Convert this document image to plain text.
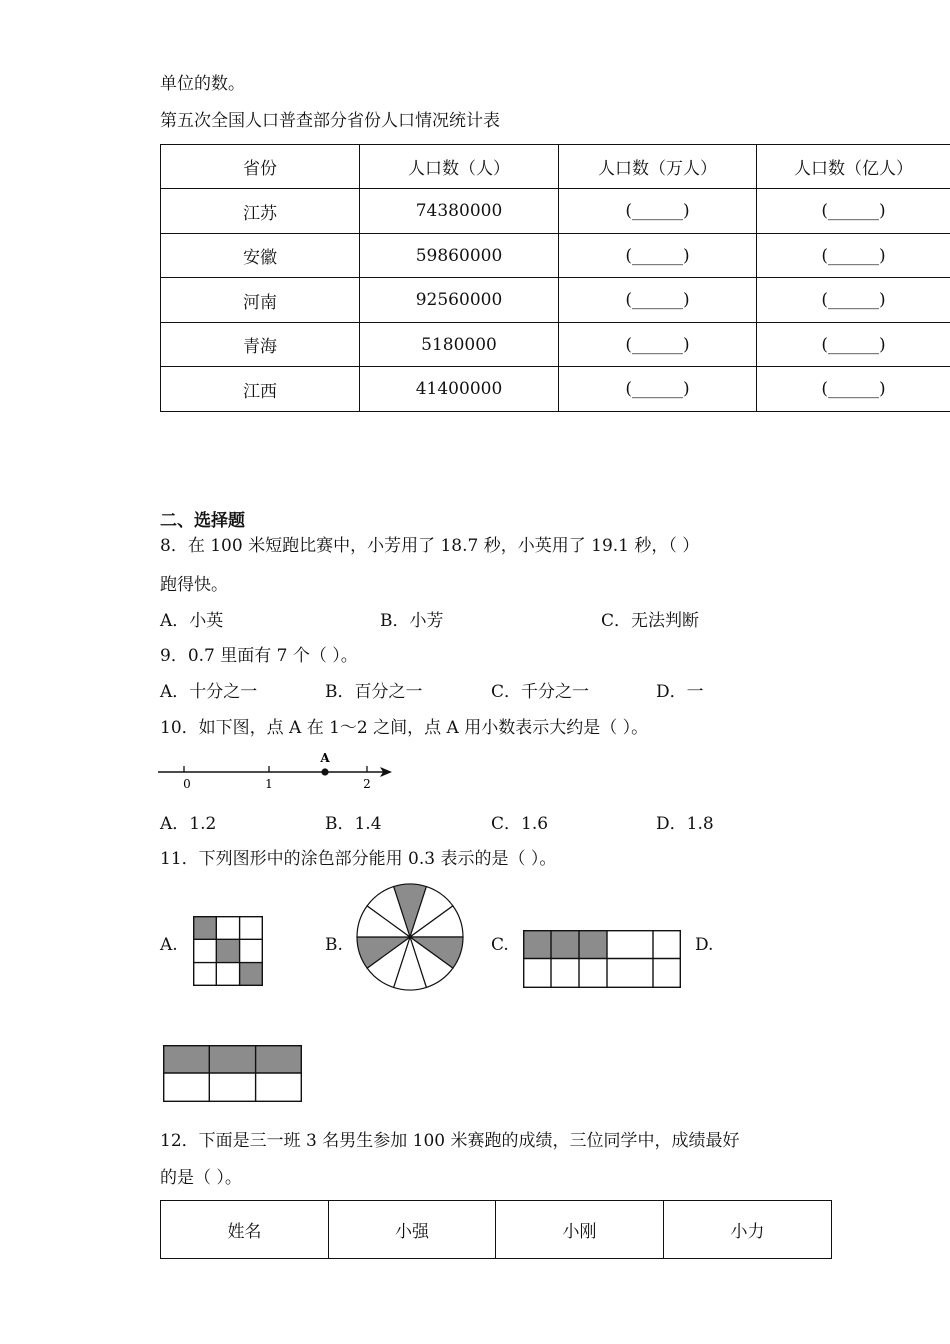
单位的数。
第五次全国人口普查部分省份人口情况统计表
省份	人口数（人）	人口数（万人）	人口数（亿人）
江苏	74380000	(______)	(______)
安徽	59860000	(______)	(______)
河南	92560000	(______)	(______)
青海	5180000	(______)	(______)
江西	41400000	(______)	(______)
二、选择题
8．在 100 米短跑比赛中，小芳用了 18.7 秒，小英用了 19.1 秒，（ ）
跑得快。
A．小英	B．小芳	C．无法判断
9．0.7 里面有 7 个（ ）。
A．十分之一	B．百分之一	C．千分之一	D．一
10．如下图，点 A 在 1～2 之间，点 A 用小数表示大约是（ ）。
0	1	2
A
A．1.2	B．1.4	C．1.6	D．1.8
11．下列图形中的涂色部分能用 0.3 表示的是（ ）。
A.	B.	C.	D.
12．下面是三一班 3 名男生参加 100 米赛跑的成绩，三位同学中，成绩最好
的是（ ）。
姓名	小强	小刚	小力
